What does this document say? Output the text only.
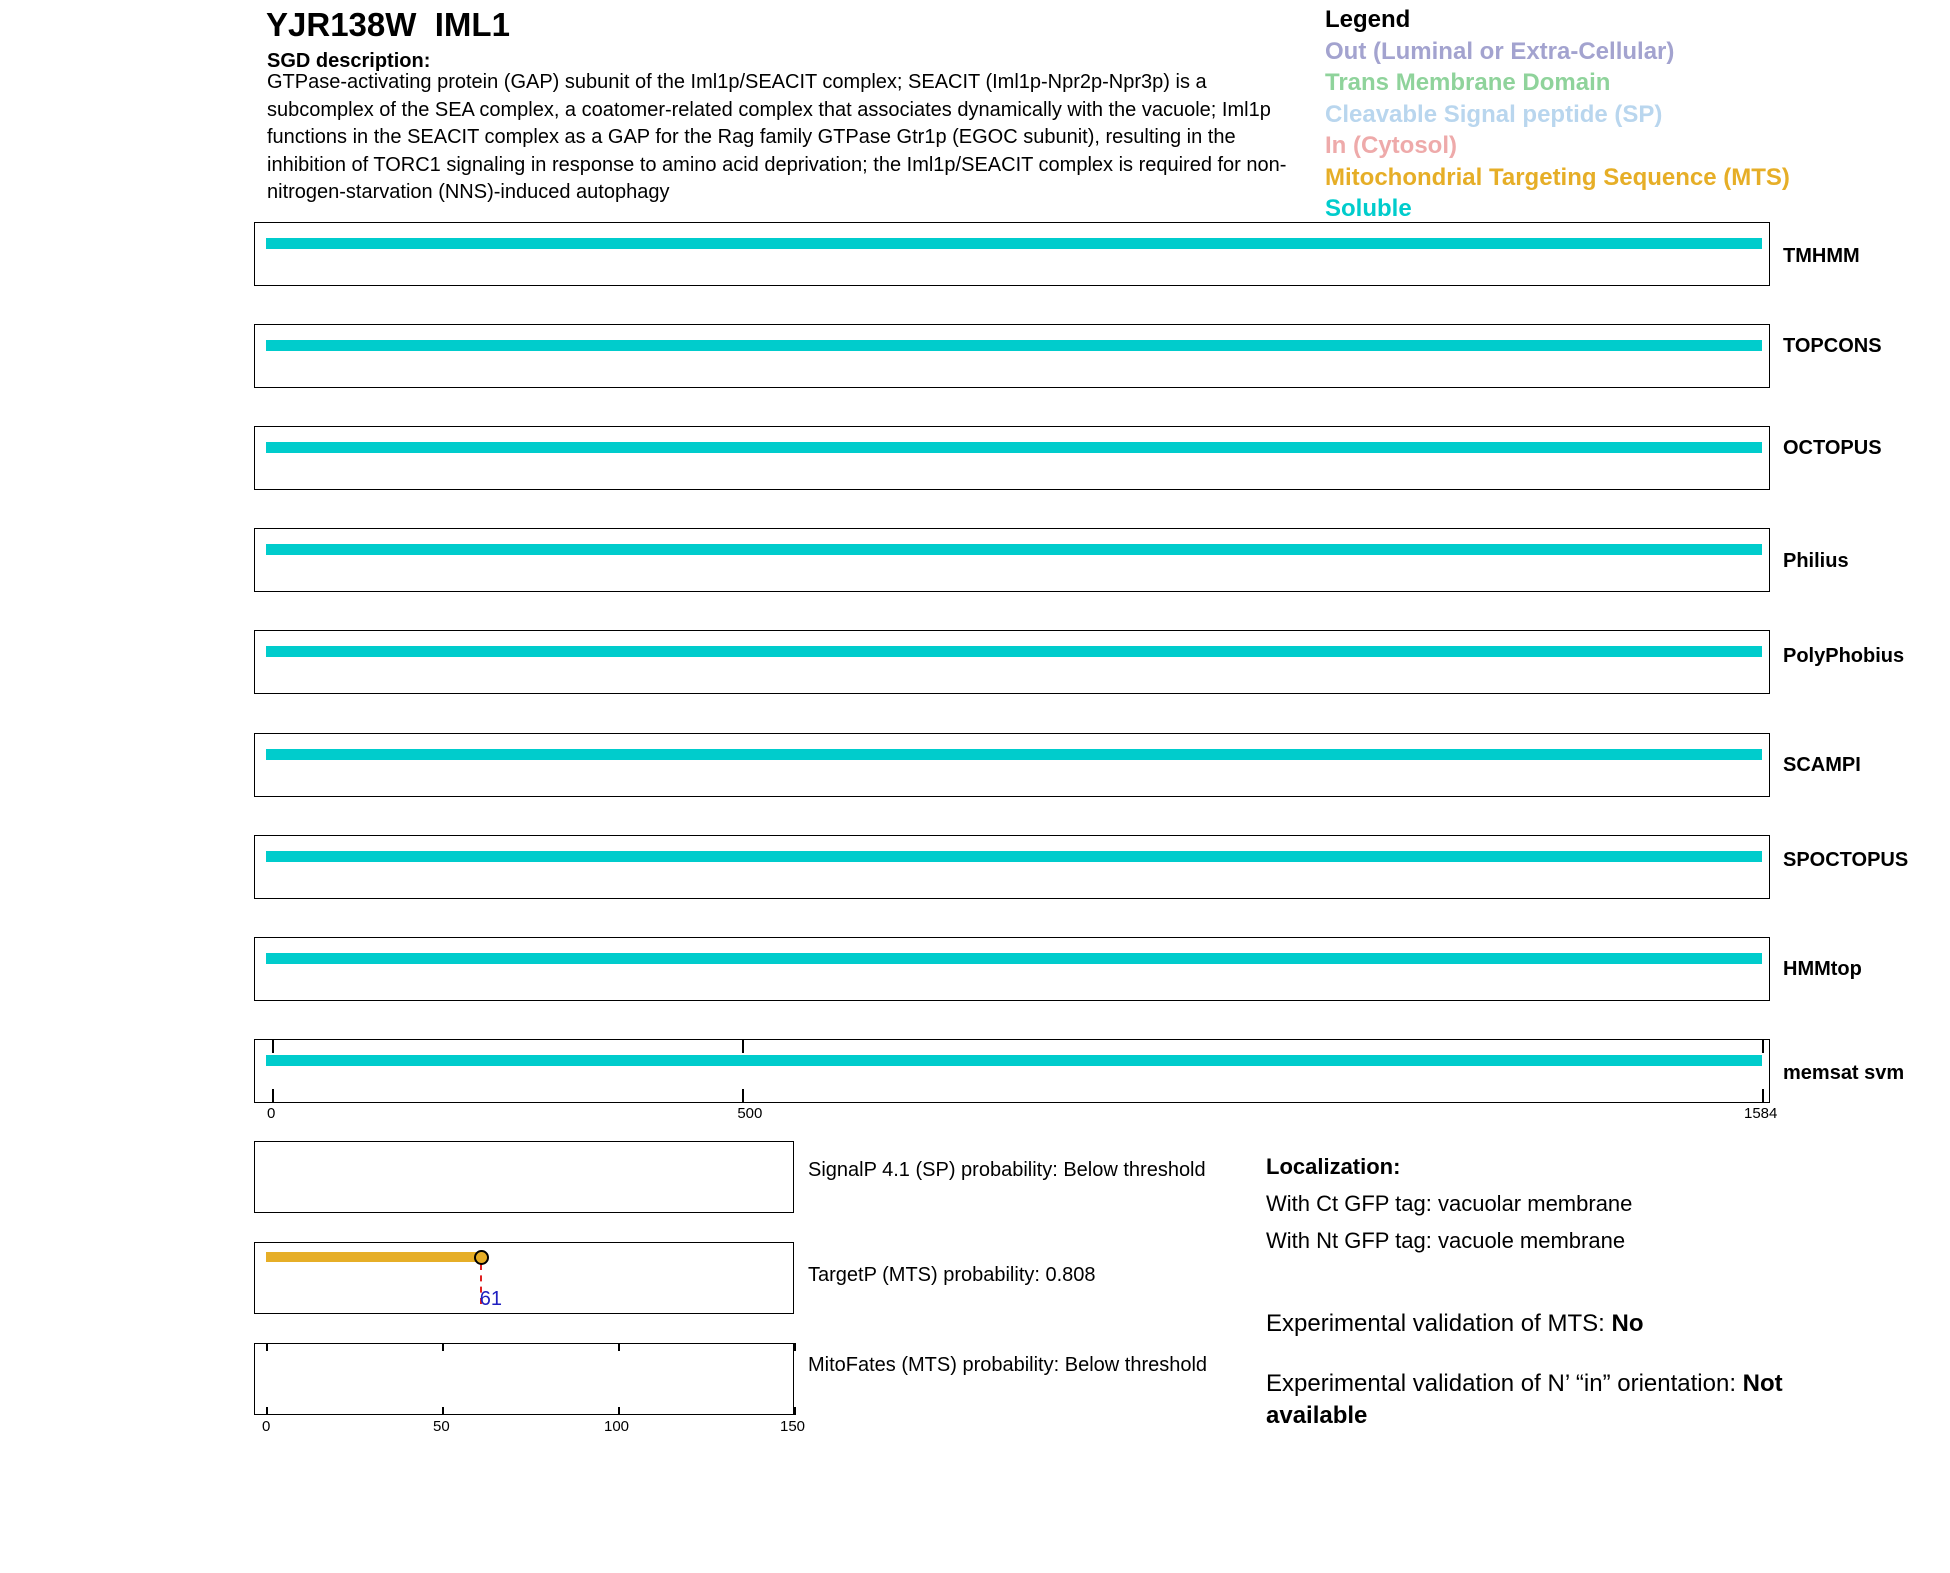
YJR138W IML1
SGD description:
GTPase-activating protein (GAP) subunit of the Iml1p/SEACIT complex; SEACIT (Iml1p-Npr2p-Npr3p) is a subcomplex of the SEA complex, a coatomer-related complex that associates dynamically with the vacuole; Iml1p functions in the SEACIT complex as a GAP for the Rag family GTPase Gtr1p (EGOC subunit), resulting in the inhibition of TORC1 signaling in response to amino acid deprivation; the Iml1p/SEACIT complex is required for non-nitrogen-starvation (NNS)-induced autophagy
Legend
Out (Luminal or Extra-Cellular)
Trans Membrane Domain
Cleavable Signal peptide (SP)
In (Cytosol)
Mitochondrial Targeting Sequence (MTS)
Soluble
TMHMM
TOPCONS
OCTOPUS
Philius
PolyPhobius
SCAMPI
SPOCTOPUS
HMMtop
memsat svm
0	500	1584
SignalP 4.1 (SP) probability: Below threshold
TargetP (MTS) probability: 0.808
MitoFates (MTS) probability: Below threshold
0	50	100	150
Localization:
With Ct GFP tag: vacuolar membrane
With Nt GFP tag: vacuole membrane
Experimental validation of MTS: No
Experimental validation of N’ “in” orientation: Not available
61
